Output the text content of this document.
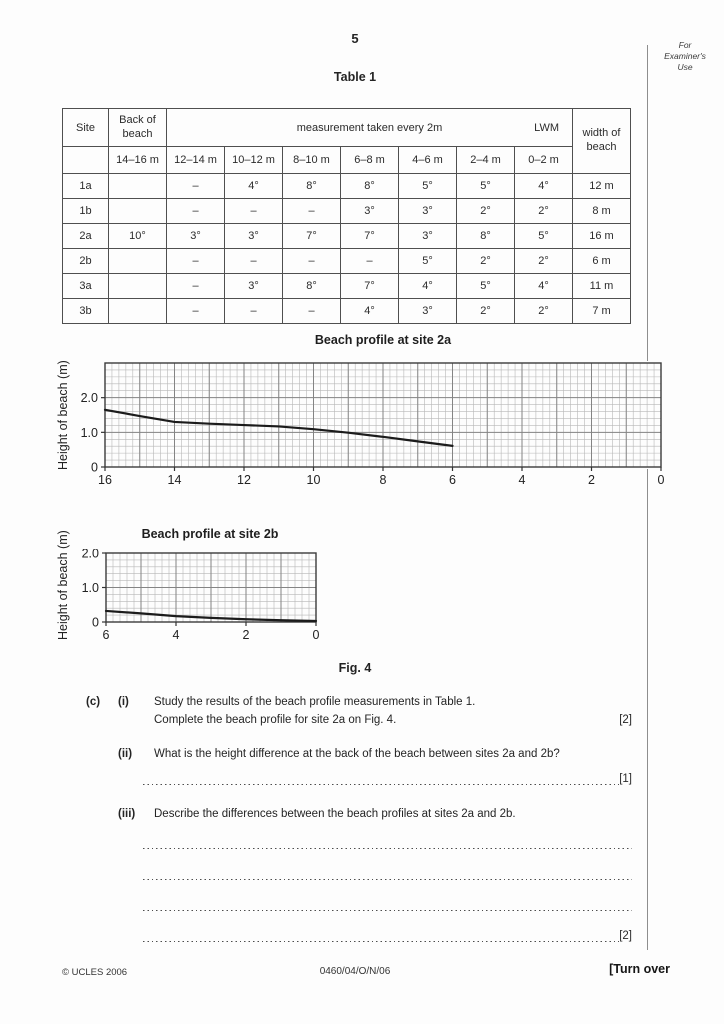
5	For
Examiner's
Use
Table 1
Site	Back of beach	measurement taken every 2m LWM							width of beach
	14–16 m	12–14 m	10–12 m	8–10 m	6–8 m	4–6 m	2–4 m	0–2 m	
1a		–	4°	8°	8°	5°	5°	4°	12 m
1b		–	–	–	3°	3°	2°	2°	8 m
2a	10°	3°	3°	7°	7°	3°	8°	5°	16 m
2b		–	–	–	–	5°	2°	2°	6 m
3a		–	3°	8°	7°	4°	5°	4°	11 m
3b		–	–	–	4°	3°	2°	2°	7 m
Beach profile at site 2a
Height of beach (m)
16	14	12	10	8	6	4	2	0
0
1.0
2.0
Beach profile at site 2b
Height of beach (m)	6	4	2	0
0
1.0
2.0
Fig. 4
(c)	(i)	Study the results of the beach profile measurements in Table 1.
Complete the beach profile for site 2a on Fig. 4.	[2]
(ii)	What is the height difference at the back of the beach between sites 2a and 2b?
[1]
(iii)	Describe the differences between the beach profiles at sites 2a and 2b.
[2]
© UCLES 2006	0460/04/O/N/06	[Turn over
